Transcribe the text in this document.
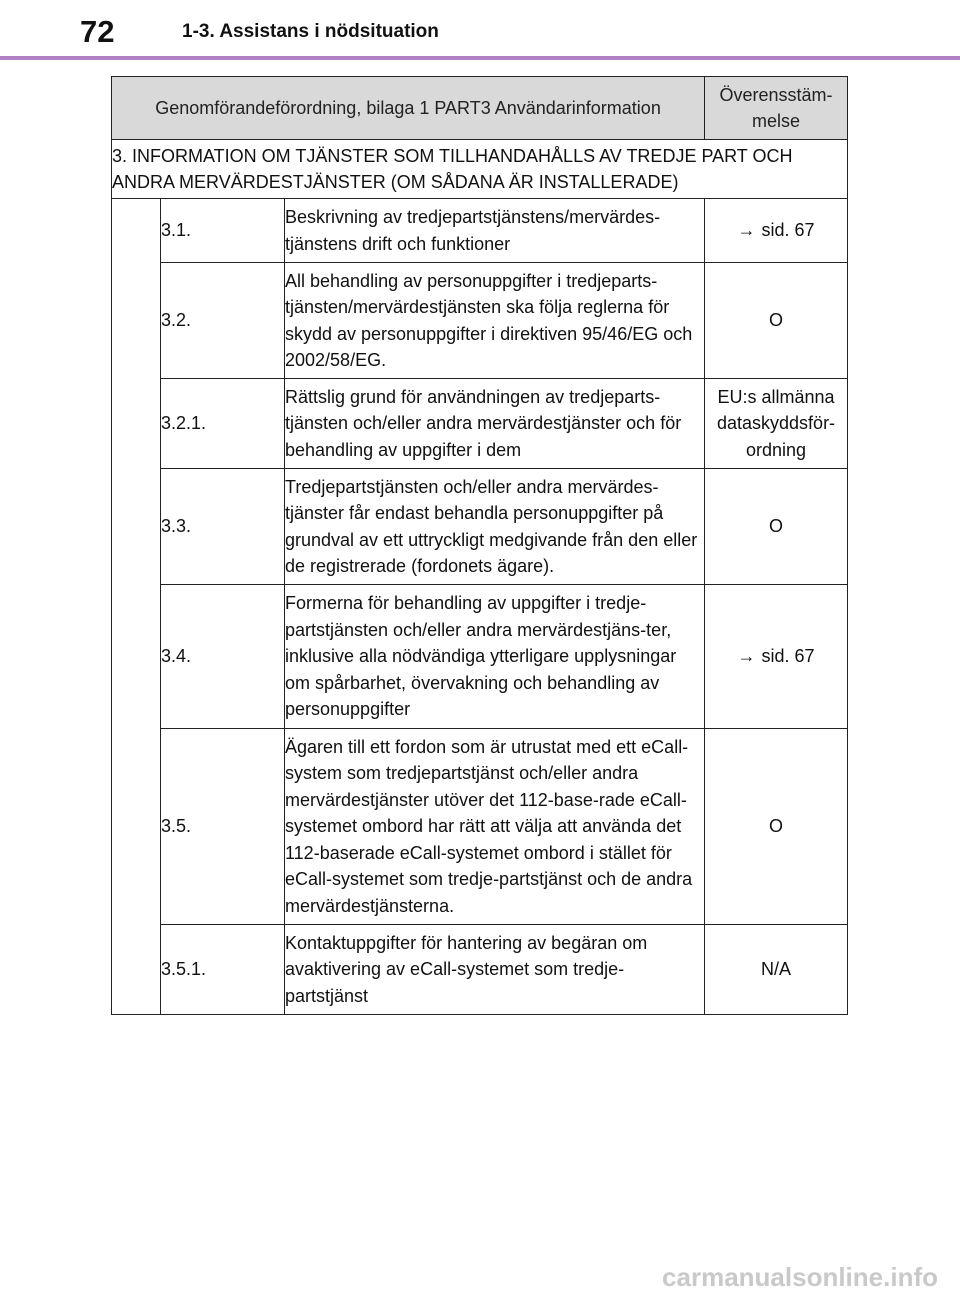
72	1-3. Assistans i nödsituation
Genomförandeförordning, bilaga 1 PART3 Användarinformation			Överensstäm-
melse
3. INFORMATION OM TJÄNSTER SOM TILLHANDAHÅLLS AV TREDJE PART OCH ANDRA MERVÄRDESTJÄNSTER (OM SÅDANA ÄR INSTALLERADE)			
	3.1.	Beskrivning av tredjepartstjänstens/mervärdes-tjänstens drift och funktioner	→ sid. 67
	3.2.	All behandling av personuppgifter i tredjeparts-tjänsten/mervärdestjänsten ska följa reglerna för skydd av personuppgifter i direktiven 95/46/EG och 2002/58/EG.	O
	3.2.1.	Rättslig grund för användningen av tredjeparts-tjänsten och/eller andra mervärdestjänster och för behandling av uppgifter i dem	EU:s allmänna dataskyddsför-ordning
	3.3.	Tredjepartstjänsten och/eller andra mervärdes-tjänster får endast behandla personuppgifter på grundval av ett uttryckligt medgivande från den eller de registrerade (fordonets ägare).	O
	3.4.	Formerna för behandling av uppgifter i tredje-partstjänsten och/eller andra mervärdestjäns-ter, inklusive alla nödvändiga ytterligare upplysningar om spårbarhet, övervakning och behandling av personuppgifter	→ sid. 67
	3.5.	Ägaren till ett fordon som är utrustat med ett eCall-system som tredjepartstjänst och/eller andra mervärdestjänster utöver det 112-base-rade eCall-systemet ombord har rätt att välja att använda det 112-baserade eCall-systemet ombord i stället för eCall-systemet som tredje-partstjänst och de andra mervärdestjänsterna.	O
	3.5.1.	Kontaktuppgifter för hantering av begäran om avaktivering av eCall-systemet som tredje-partstjänst	N/A
carmanualsonline.info
